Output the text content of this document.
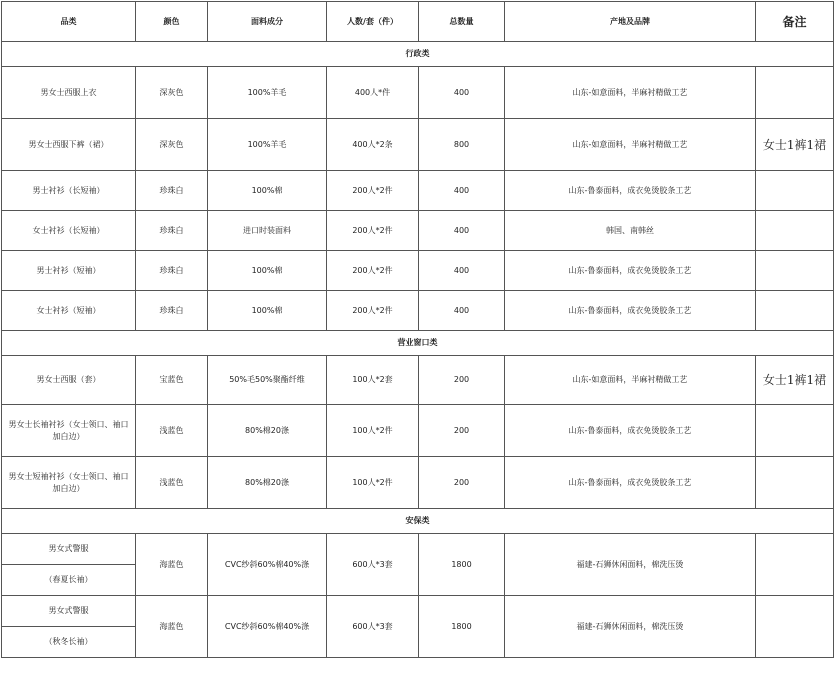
品类	颜色	面料成分	人数/套（件）	总数量	产地及品牌	备注
行政类						
男女士西服上衣	深灰色	100%羊毛	400人*件	400	山东-如意面料，半麻衬精做工艺	
男女士西服下裤（裙）	深灰色	100%羊毛	400人*2条	800	山东-如意面料，半麻衬精做工艺	女士1裤1裙
男士衬衫（长短袖）	珍珠白	100%棉	200人*2件	400	山东-鲁泰面料，成衣免烫胶条工艺	
女士衬衫（长短袖）	珍珠白	进口时装面料	200人*2件	400	韩国、南韩丝	
男士衬衫（短袖）	珍珠白	100%棉	200人*2件	400	山东-鲁泰面料，成衣免烫胶条工艺	
女士衬衫（短袖）	珍珠白	100%棉	200人*2件	400	山东-鲁泰面料，成衣免烫胶条工艺	
营业窗口类						
男女士西服（套）	宝蓝色	50%毛50%聚酯纤维	100人*2套	200	山东-如意面料，半麻衬精做工艺	女士1裤1裙
男女士长袖衬衫（女士领口、袖口加白边）	浅蓝色	80%棉20涤	100人*2件	200	山东-鲁泰面料，成衣免烫胶条工艺	
男女士短袖衬衫（女士领口、袖口加白边）	浅蓝色	80%棉20涤	100人*2件	200	山东-鲁泰面料，成衣免烫胶条工艺	
安保类						
男女式警服	海蓝色	CVC纱斜60%棉40%涤	600人*3套	1800	福建-石狮休闲面料，棉洗压烫	
（春夏长袖）						
男女式警服	海蓝色	CVC纱斜60%棉40%涤	600人*3套	1800	福建-石狮休闲面料，棉洗压烫	
（秋冬长袖）						
